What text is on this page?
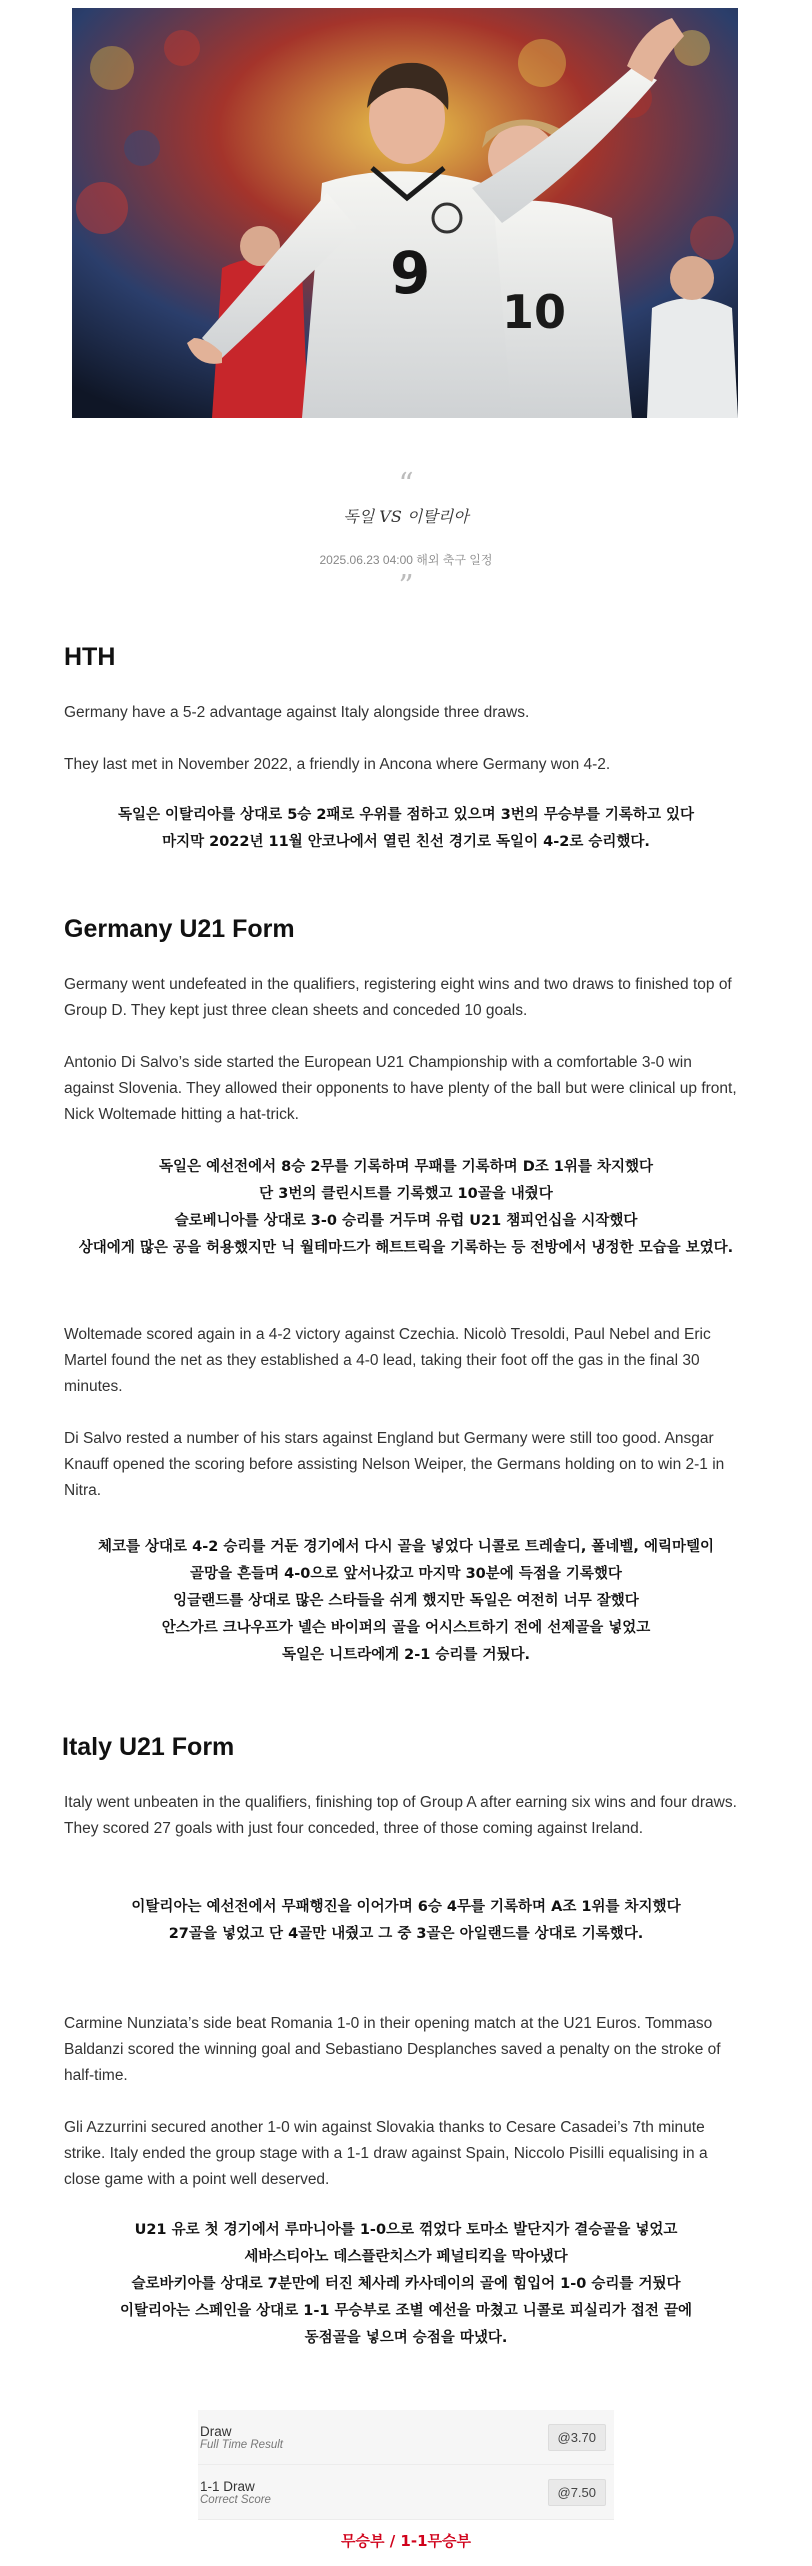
10
9
“
독일 VS 이탈리아
2025.06.23 04:00 해외 축구 일정
”
HTH

Germany have a 5-2 advantage against Italy alongside three draws.

They last met in November 2022, a friendly in Ancona where Germany won 4-2.

독일은 이탈리아를 상대로 5승 2패로 우위를 점하고 있으며 3번의 무승부를 기록하고 있다
마지막 2022년 11월 안코나에서 열린 친선 경기로 독일이 4-2로 승리했다.
Germany U21 Form

Germany went undefeated in the qualifiers, registering eight wins and two draws to finished top of Group D. They kept just three clean sheets and conceded 10 goals.

Antonio Di Salvo’s side started the European U21 Championship with a comfortable 3-0 win against Slovenia. They allowed their opponents to have plenty of the ball but were clinical up front, Nick Woltemade hitting a hat-trick.

독일은 예선전에서 8승 2무를 기록하며 무패를 기록하며 D조 1위를 차지했다
단 3번의 클린시트를 기록했고 10골을 내줬다
슬로베니아를 상대로 3-0 승리를 거두며 유럽 U21 챔피언십을 시작했다
상대에게 많은 공을 허용했지만 닉 월테마드가 해트트릭을 기록하는 등 전방에서 냉정한 모습을 보였다.

Woltemade scored again in a 4-2 victory against Czechia. Nicolò Tresoldi, Paul Nebel and Eric Martel found the net as they established a 4-0 lead, taking their foot off the gas in the final 30 minutes.

Di Salvo rested a number of his stars against England but Germany were still too good. Ansgar Knauff opened the scoring before assisting Nelson Weiper, the Germans holding on to win 2-1 in Nitra.

체코를 상대로 4-2 승리를 거둔 경기에서 다시 골을 넣었다 니콜로 트레솔디, 폴네벨, 에릭마텔이
골망을 흔들며 4-0으로 앞서나갔고 마지막 30분에 득점을 기록했다
잉글랜드를 상대로 많은 스타들을 쉬게 했지만 독일은 여전히 너무 잘했다
안스가르 크나우프가 넬슨 바이퍼의 골을 어시스트하기 전에 선제골을 넣었고
독일은 니트라에게 2-1 승리를 거뒀다.
Italy U21 Form

Italy went unbeaten in the qualifiers, finishing top of Group A after earning six wins and four draws. They scored 27 goals with just four conceded, three of those coming against Ireland.

이탈리아는 예선전에서 무패행진을 이어가며 6승 4무를 기록하며 A조 1위를 차지했다
27골을 넣었고 단 4골만 내줬고 그 중 3골은 아일랜드를 상대로 기록했다.

Carmine Nunziata’s side beat Romania 1-0 in their opening match at the U21 Euros. Tommaso Baldanzi scored the winning goal and Sebastiano Desplanches saved a penalty on the stroke of half-time.

Gli Azzurrini secured another 1-0 win against Slovakia thanks to Cesare Casadei’s 7th minute strike. Italy ended the group stage with a 1-1 draw against Spain, Niccolo Pisilli equalising in a close game with a point well deserved.

U21 유로 첫 경기에서 루마니아를 1-0으로 꺾었다 토마소 발단지가 결승골을 넣었고
세바스티아노 데스플란치스가 페널티킥을 막아냈다
슬로바키아를 상대로 7분만에 터진 체사레 카사데이의 골에 힘입어 1-0 승리를 거뒀다
이탈리아는 스페인을 상대로 1-1 무승부로 조별 예선을 마쳤고 니콜로 피실리가 접전 끝에
동점골을 넣으며 승점을 따냈다.
Draw
Full Time Result	@3.70
1-1 Draw
Correct Score	@7.50
무승부 / 1-1무승부
